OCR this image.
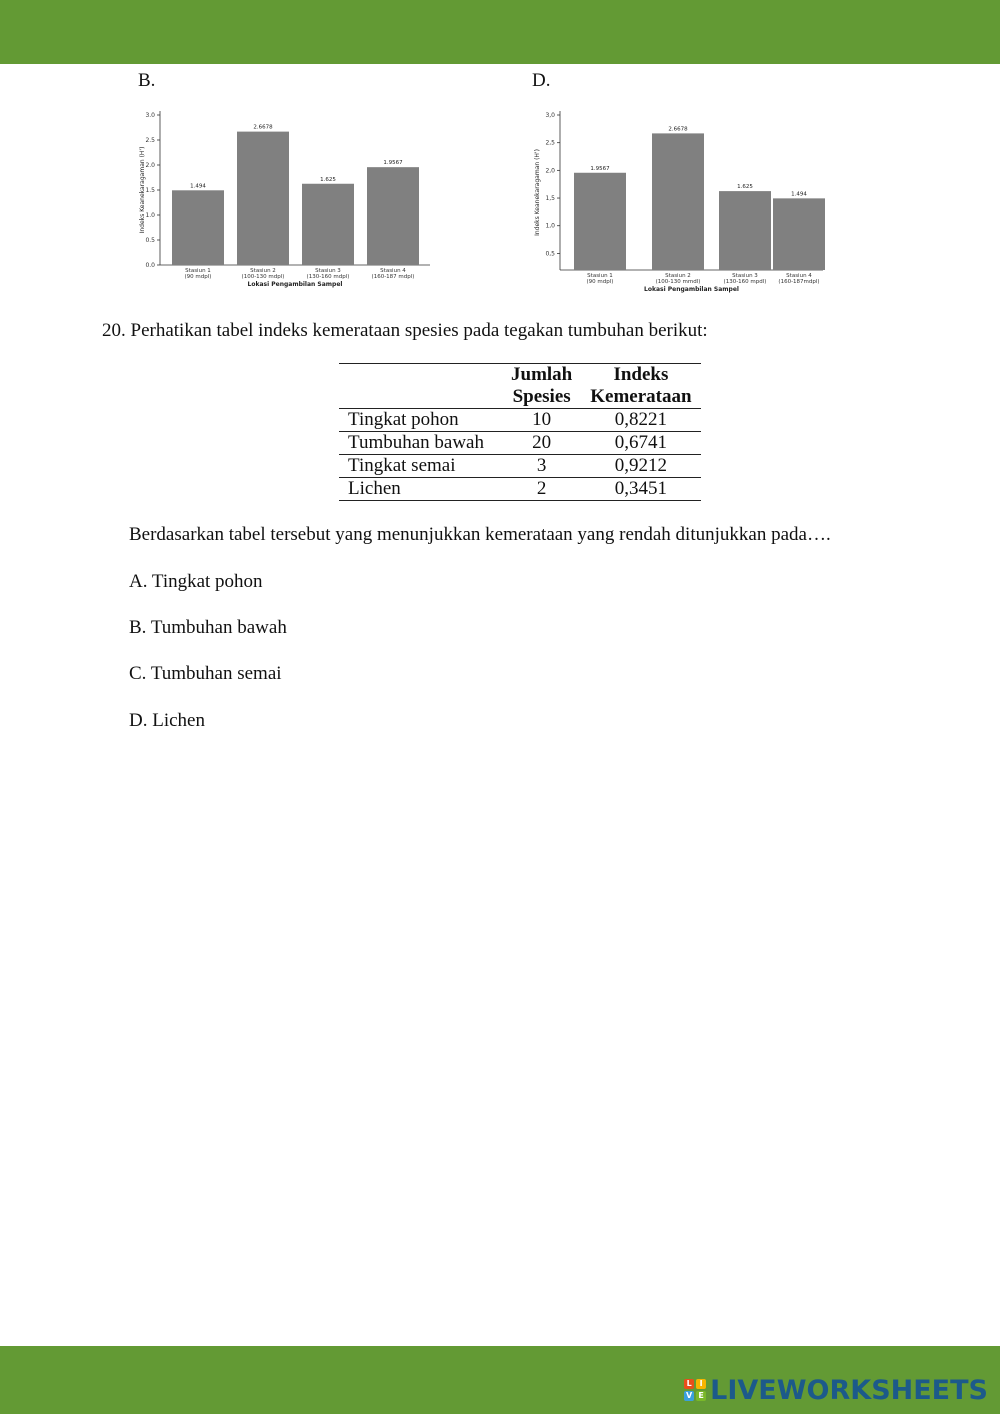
B.	D.
0.0
0.5
1.0
1.5
2.0
2.5
3.0
1.494
Stasiun 1
(90 mdpl)
2.6678
Stasiun 2
(100-130 mdpl)
1.625
Stasiun 3
(130-160 mdpl)
1.9567
Stasiun 4
(160-187 mdpl)
Lokasi Pengambilan Sampel
Indeks Keanekaragaman (H')
0,5
1,0
1,5
2,0
2,5
3,0
1.9567
Stasiun 1
(90 mdpl)
2.6678
Stasiun 2
(100-130 mmdl)
1.625
Stasiun 3
(130-160 mpdl)
1.494
Stasiun 4
(160-187mdpl)
Lokasi Pengambilan Sampel
Indeks Keanekaragaman (H')
20. Perhatikan tabel indeks kemerataan spesies pada tegakan tumbuhan berikut:
	Jumlah	Indeks
	Spesies	Kemerataan
Tingkat pohon	10	0,8221
Tumbuhan bawah	20	0,6741
Tingkat semai	3	0,9212
Lichen	2	0,3451
Berdasarkan tabel tersebut yang menunjukkan kemerataan yang rendah ditunjukkan pada….
A. Tingkat pohon
B. Tumbuhan bawah
C. Tumbuhan semai
D. Lichen
L I
V E LIVEWORKSHEETS
